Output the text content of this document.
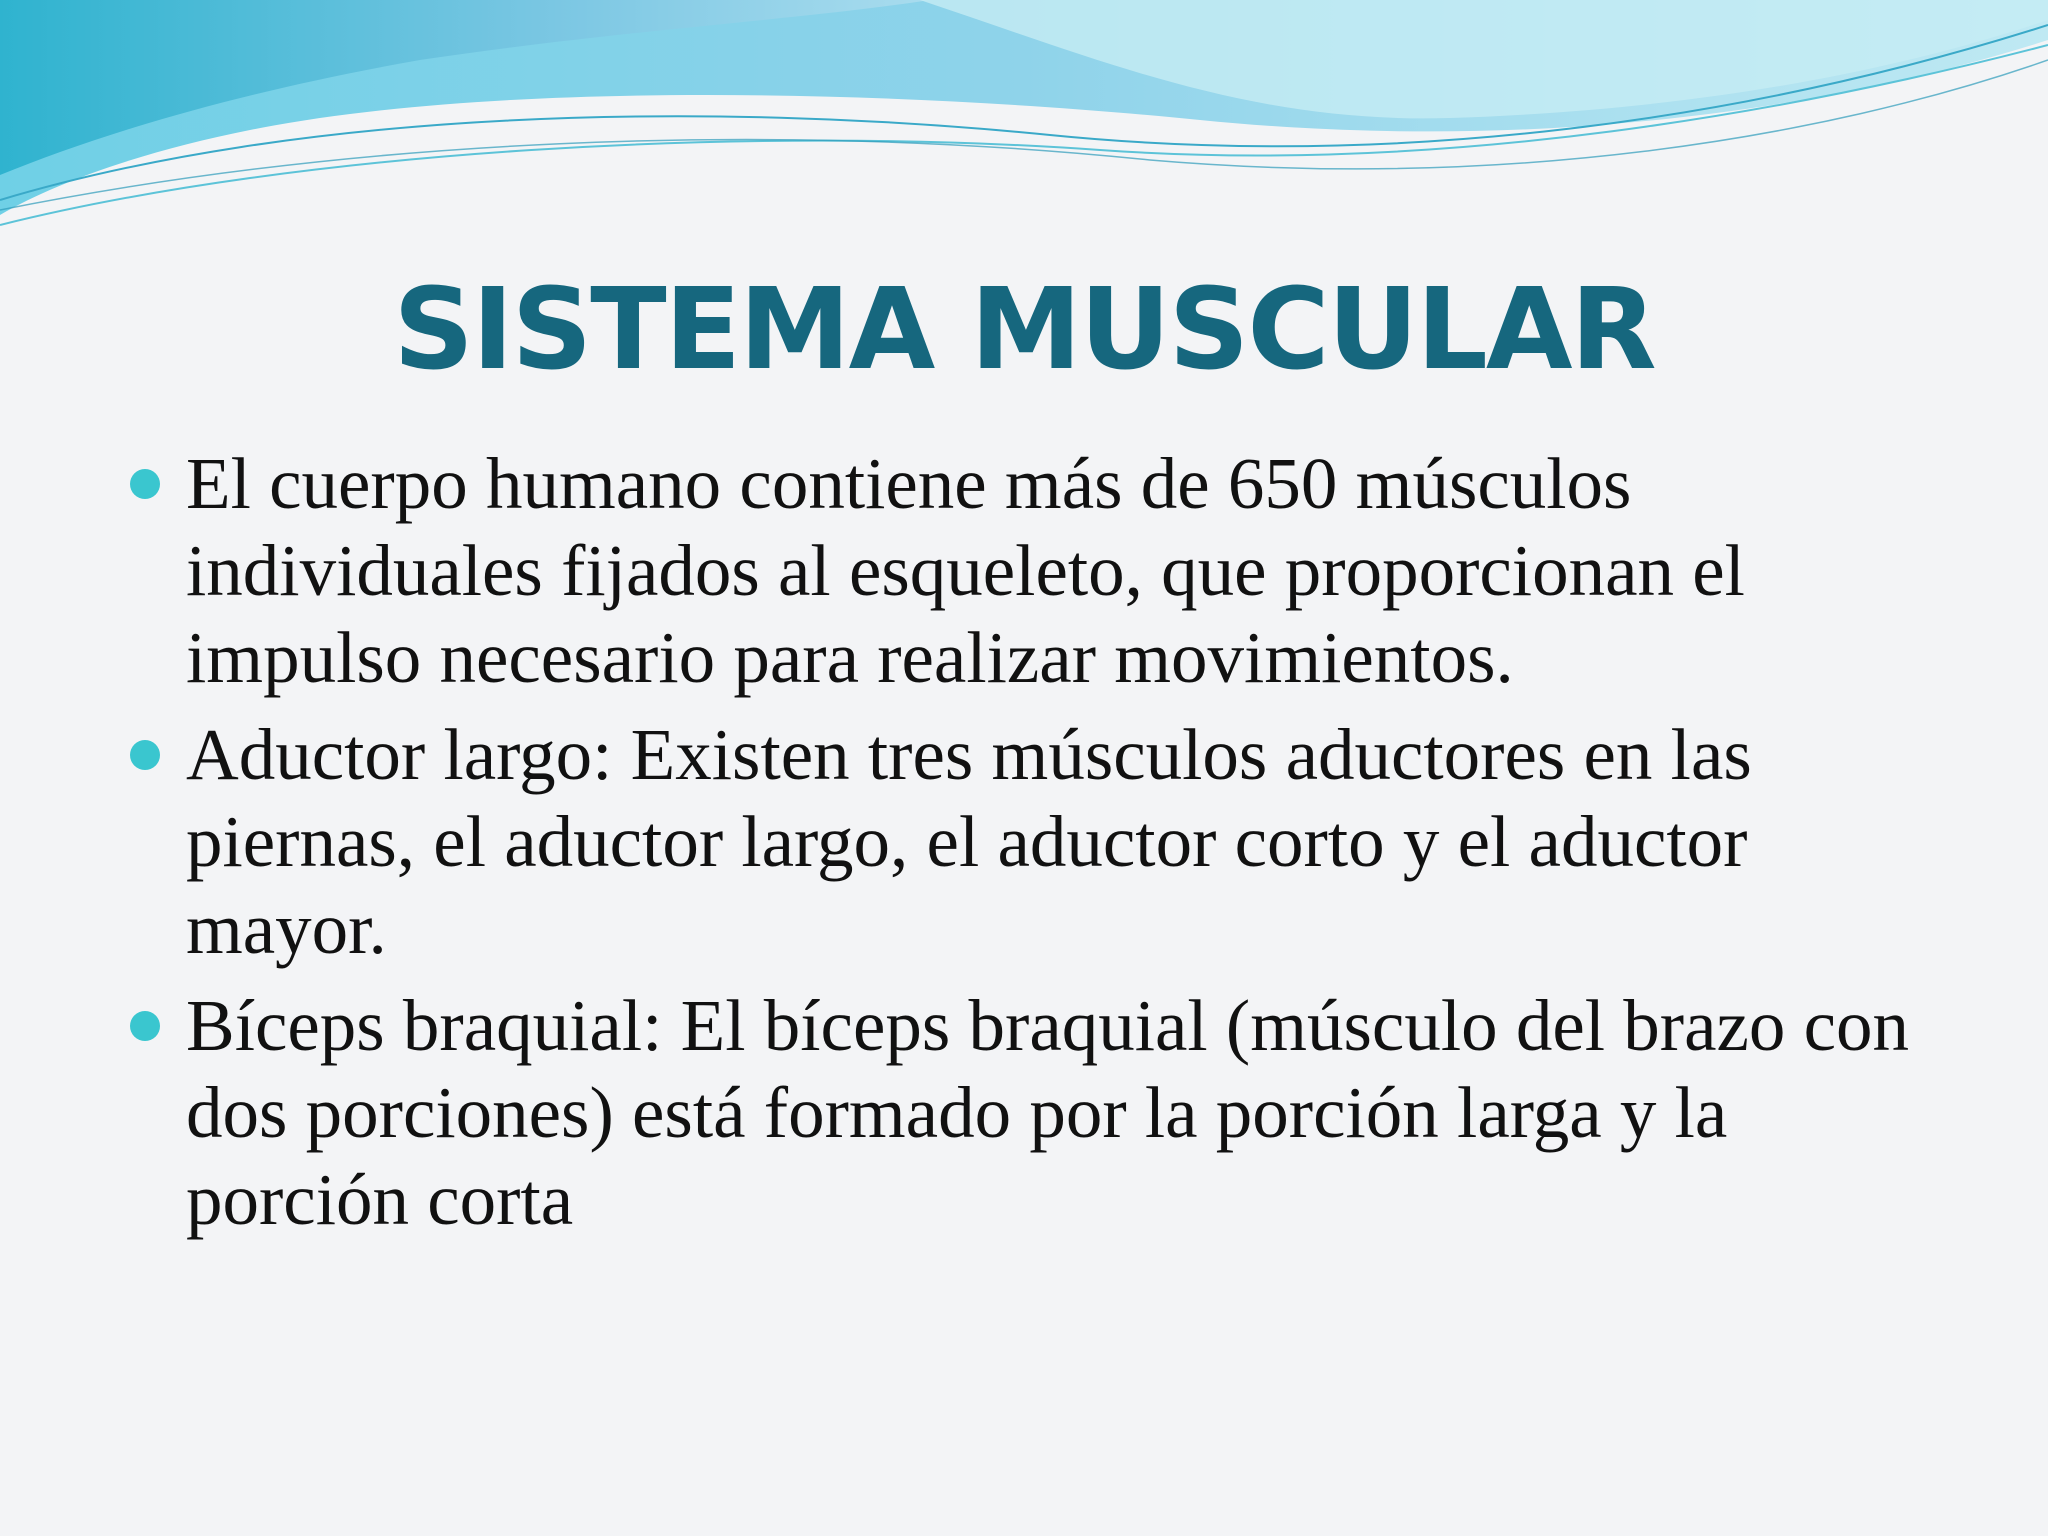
SISTEMA MUSCULAR
El cuerpo humano contiene más de 650 músculos individuales fijados al esqueleto, que proporcionan el impulso necesario para realizar movimientos.
Aductor largo: Existen tres músculos aductores en las piernas, el aductor largo, el aductor corto y el aductor mayor.
Bíceps braquial: El bíceps braquial (músculo del brazo con dos porciones) está formado por la porción larga y la porción corta
